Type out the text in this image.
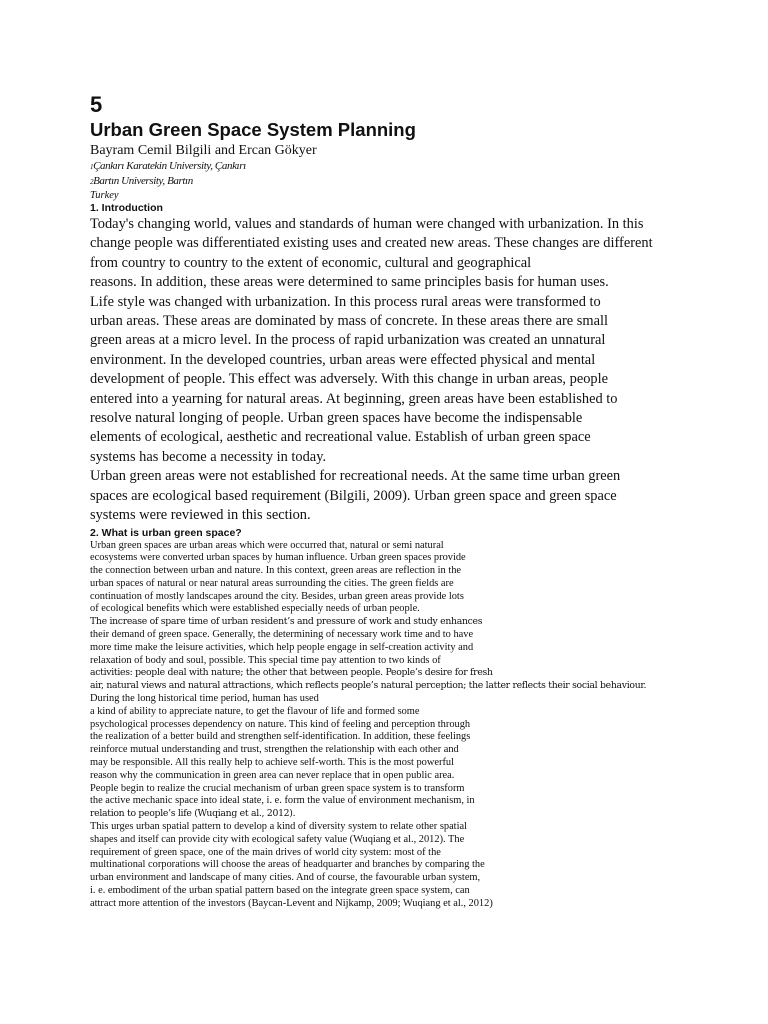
5
Urban Green Space System Planning
Bayram Cemil Bilgili and Ercan Gökyer
1Çankırı Karatekin University, Çankırı
2Bartın University, Bartın
Turkey
1. Introduction
Today's changing world, values and standards of human were changed with urbanization. In this
change people was differentiated existing uses and created new areas. These changes are different
from country to country to the extent of economic, cultural and geographical
reasons. In addition, these areas were determined to same principles basis for human uses.
Life style was changed with urbanization. In this process rural areas were transformed to
urban areas. These areas are dominated by mass of concrete. In these areas there are small
green areas at a micro level. In the process of rapid urbanization was created an unnatural
environment. In the developed countries, urban areas were effected physical and mental
development of people. This effect was adversely. With this change in urban areas, people
entered into a yearning for natural areas. At beginning, green areas have been established to
resolve natural longing of people. Urban green spaces have become the indispensable
elements of ecological, aesthetic and recreational value. Establish of urban green space
systems has become a necessity in today.
Urban green areas were not established for recreational needs. At the same time urban green
spaces are ecological based requirement (Bilgili, 2009). Urban green space and green space
systems were reviewed in this section.
2. What is urban green space?
Urban green spaces are urban areas which were occurred that, natural or semi natural
ecosystems were converted urban spaces by human influence. Urban green spaces provide
the connection between urban and nature. In this context, green areas are reflection in the
urban spaces of natural or near natural areas surrounding the cities. The green fields are
continuation of mostly landscapes around the city. Besides, urban green areas provide lots
of ecological benefits which were established especially needs of urban people.
The increase of spare time of urban resident’s and pressure of work and study enhances
their demand of green space. Generally, the determining of necessary work time and to have
more time make the leisure activities, which help people engage in self-creation activity and
relaxation of body and soul, possible. This special time pay attention to two kinds of
activities: people deal with nature; the other that between people. People’s desire for fresh
air, natural views and natural attractions, which reflects people’s natural perception; the latter reflects their social behaviour.
During the long historical time period, human has used
a kind of ability to appreciate nature, to get the flavour of life and formed some
psychological processes dependency on nature. This kind of feeling and perception through
the realization of a better build and strengthen self-identification. In addition, these feelings
reinforce mutual understanding and trust, strengthen the relationship with each other and
may be responsible. All this really help to achieve self-worth. This is the most powerful
reason why the communication in green area can never replace that in open public area.
People begin to realize the crucial mechanism of urban green space system is to transform
the active mechanic space into ideal state, i. e. form the value of environment mechanism, in
relation to people’s life (Wuqiang et al., 2012).
This urges urban spatial pattern to develop a kind of diversity system to relate other spatial
shapes and itself can provide city with ecological safety value (Wuqiang et al., 2012). The
requirement of green space, one of the main drives of world city system: most of the
multinational corporations will choose the areas of headquarter and branches by comparing the
urban environment and landscape of many cities. And of course, the favourable urban system,
i. e. embodiment of the urban spatial pattern based on the integrate green space system, can
attract more attention of the investors (Baycan-Levent and Nijkamp, 2009; Wuqiang et al., 2012)
